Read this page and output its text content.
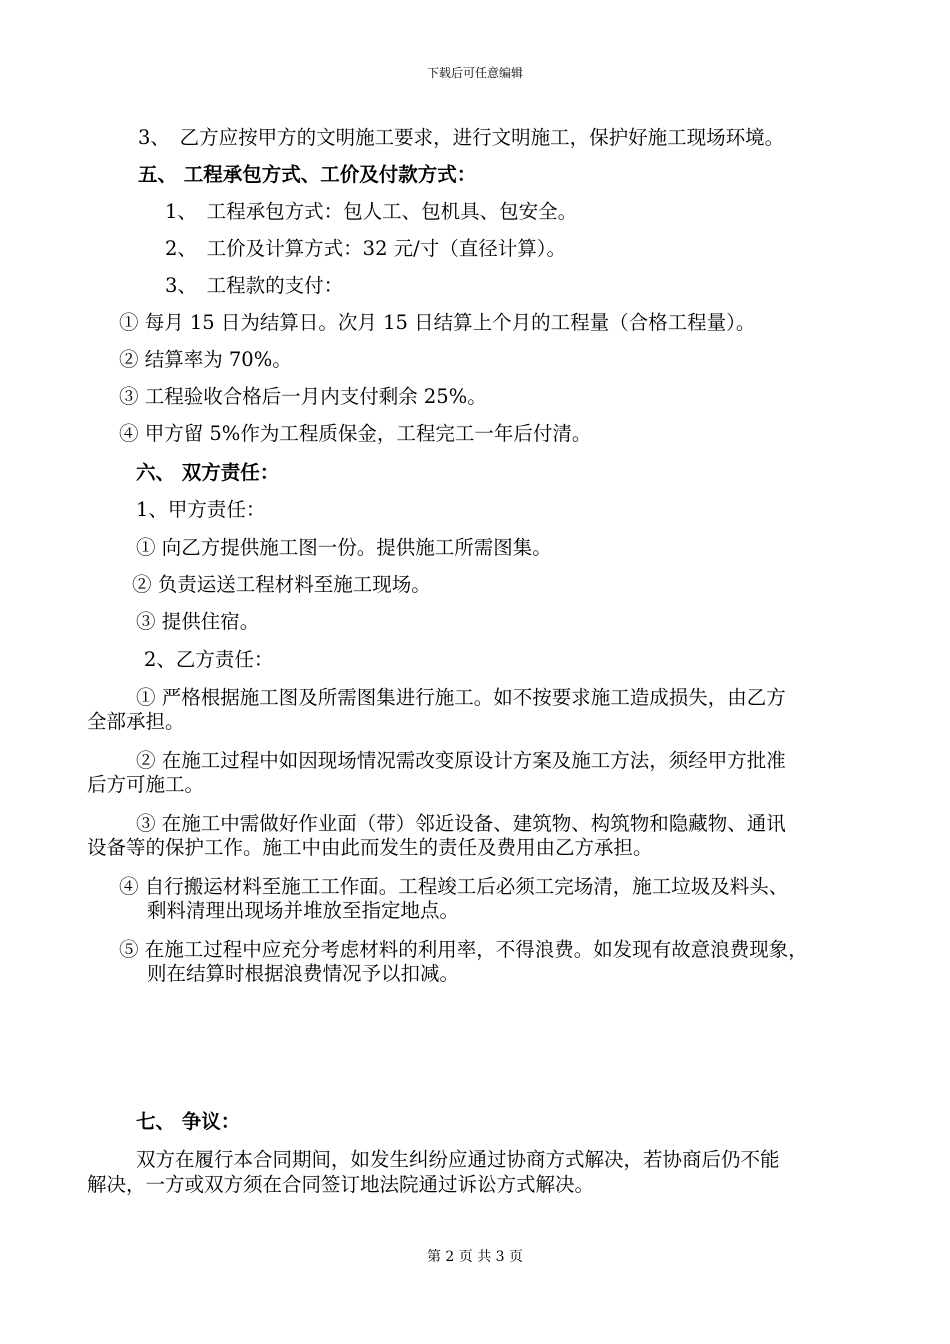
下载后可任意编辑
3、　乙方应按甲方的文明施工要求，进行文明施工，保护好施工现场环境。
五、 工程承包方式、工价及付款方式：
1、　工程承包方式：包人工、包机具、包安全。
2、　工价及计算方式：32 元/寸（直径计算）。
3、　工程款的支付：
① 每月 15 日为结算日。次月 15 日结算上个月的工程量（合格工程量）。
② 结算率为 70%。
③ 工程验收合格后一月内支付剩余 25%。
④ 甲方留 5%作为工程质保金，工程完工一年后付清。
六、 双方责任：
1、甲方责任：
① 向乙方提供施工图一份。提供施工所需图集。
② 负责运送工程材料至施工现场。
③ 提供住宿。
2、乙方责任：
① 严格根据施工图及所需图集进行施工。如不按要求施工造成损失，由乙方
全部承担。
② 在施工过程中如因现场情况需改变原设计方案及施工方法，须经甲方批准
后方可施工。
③ 在施工中需做好作业面（带）邻近设备、建筑物、构筑物和隐藏物、通讯
设备等的保护工作。施工中由此而发生的责任及费用由乙方承担。
④ 自行搬运材料至施工工作面。工程竣工后必须工完场清，施工垃圾及料头、
剩料清理出现场并堆放至指定地点。
⑤ 在施工过程中应充分考虑材料的利用率，不得浪费。如发现有故意浪费现象，
则在结算时根据浪费情况予以扣减。
七、 争议：
双方在履行本合同期间，如发生纠纷应通过协商方式解决，若协商后仍不能
解决，一方或双方须在合同签订地法院通过诉讼方式解决。
第 2 页 共 3 页
